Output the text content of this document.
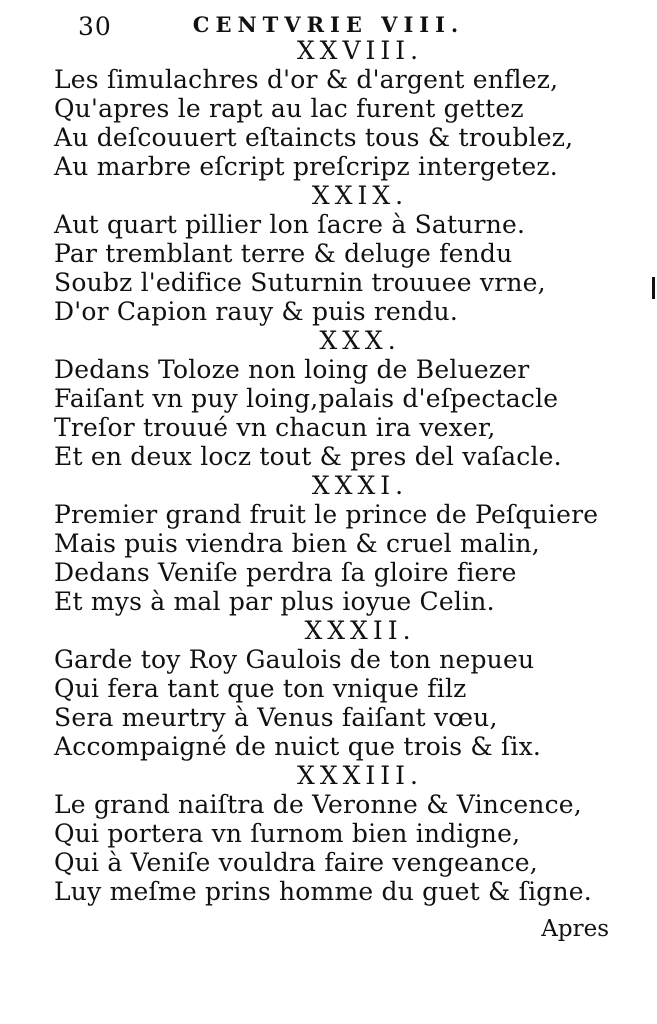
30	CENTVRIE VIII.
XXVIII.
Les ſimulachres d'or & d'argent enflez,
Qu'apres le rapt au lac furent gettez
Au deſcouuert eſtaincts tous & troublez,
Au marbre eſcript preſcripz intergetez.
XXIX.
Aut quart pillier lon ſacre à Saturne.
Par tremblant terre & deluge fendu
Soubz l'edifice Suturnin trouuee vrne,
D'or Capion rauy & puis rendu.
XXX.
Dedans Toloze non loing de Beluezer
Faiſant vn puy loing,palais d'eſpectacle
Treſor trouué vn chacun ira vexer,
Et en deux locz tout & pres del vaſacle.
XXXI.
Premier grand fruit le prince de Peſquiere
Mais puis viendra bien & cruel malin,
Dedans Veniſe perdra ſa gloire fiere
Et mys à mal par plus ioyue Celin.
XXXII.
Garde toy Roy Gaulois de ton nepueu
Qui fera tant que ton vnique filz
Sera meurtry à Venus faiſant vœu,
Accompaigné de nuict que trois & ſix.
XXXIII.
Le grand naiſtra de Veronne & Vincence,
Qui portera vn ſurnom bien indigne,
Qui à Veniſe vouldra faire vengeance,
Luy meſme prins homme du guet & ſigne.
Apres
